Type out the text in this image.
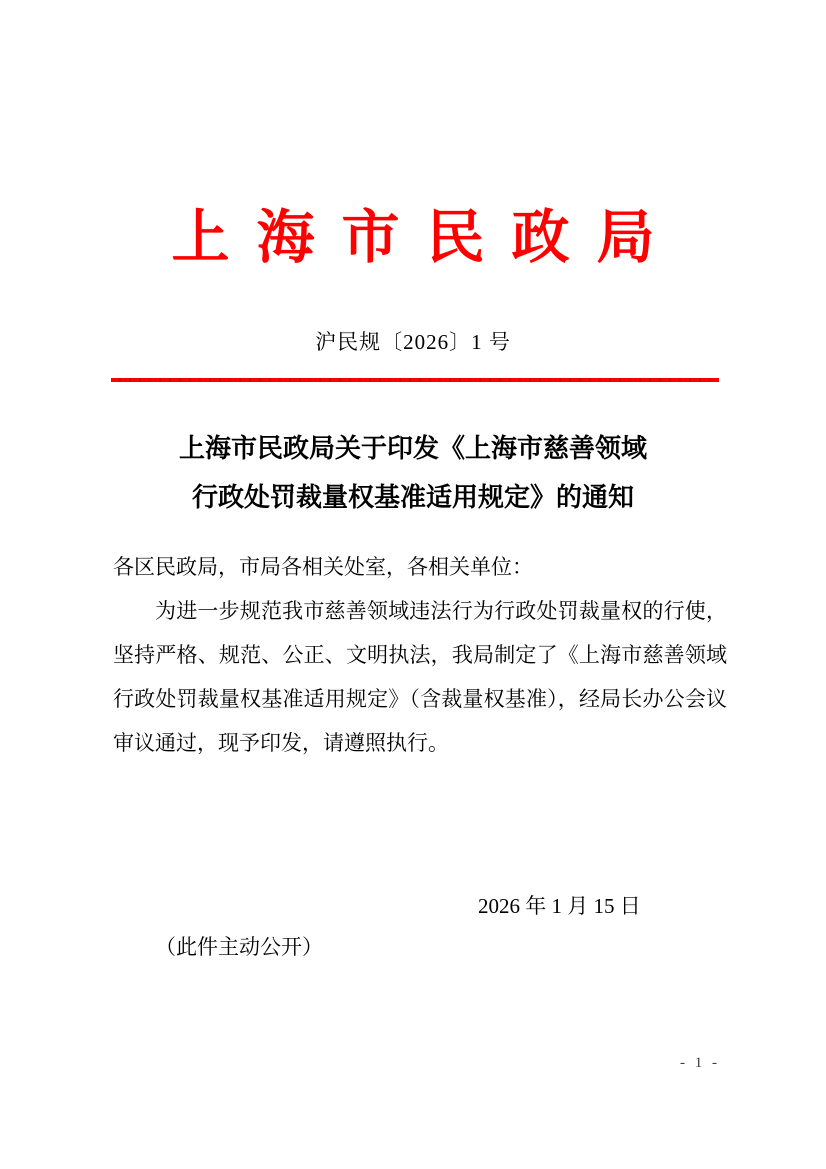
上海市民政局
沪民规〔2026〕1 号
上海市民政局关于印发《上海市慈善领域
行政处罚裁量权基准适用规定》的通知
各区民政局，市局各相关处室，各相关单位：
为进一步规范我市慈善领域违法行为行政处罚裁量权的行使，
坚持严格、规范、公正、文明执法，我局制定了《上海市慈善领域
行政处罚裁量权基准适用规定》（含裁量权基准），经局长办公会议
审议通过，现予印发，请遵照执行。
2026 年 1 月 15 日
（此件主动公开）
- 1 -
